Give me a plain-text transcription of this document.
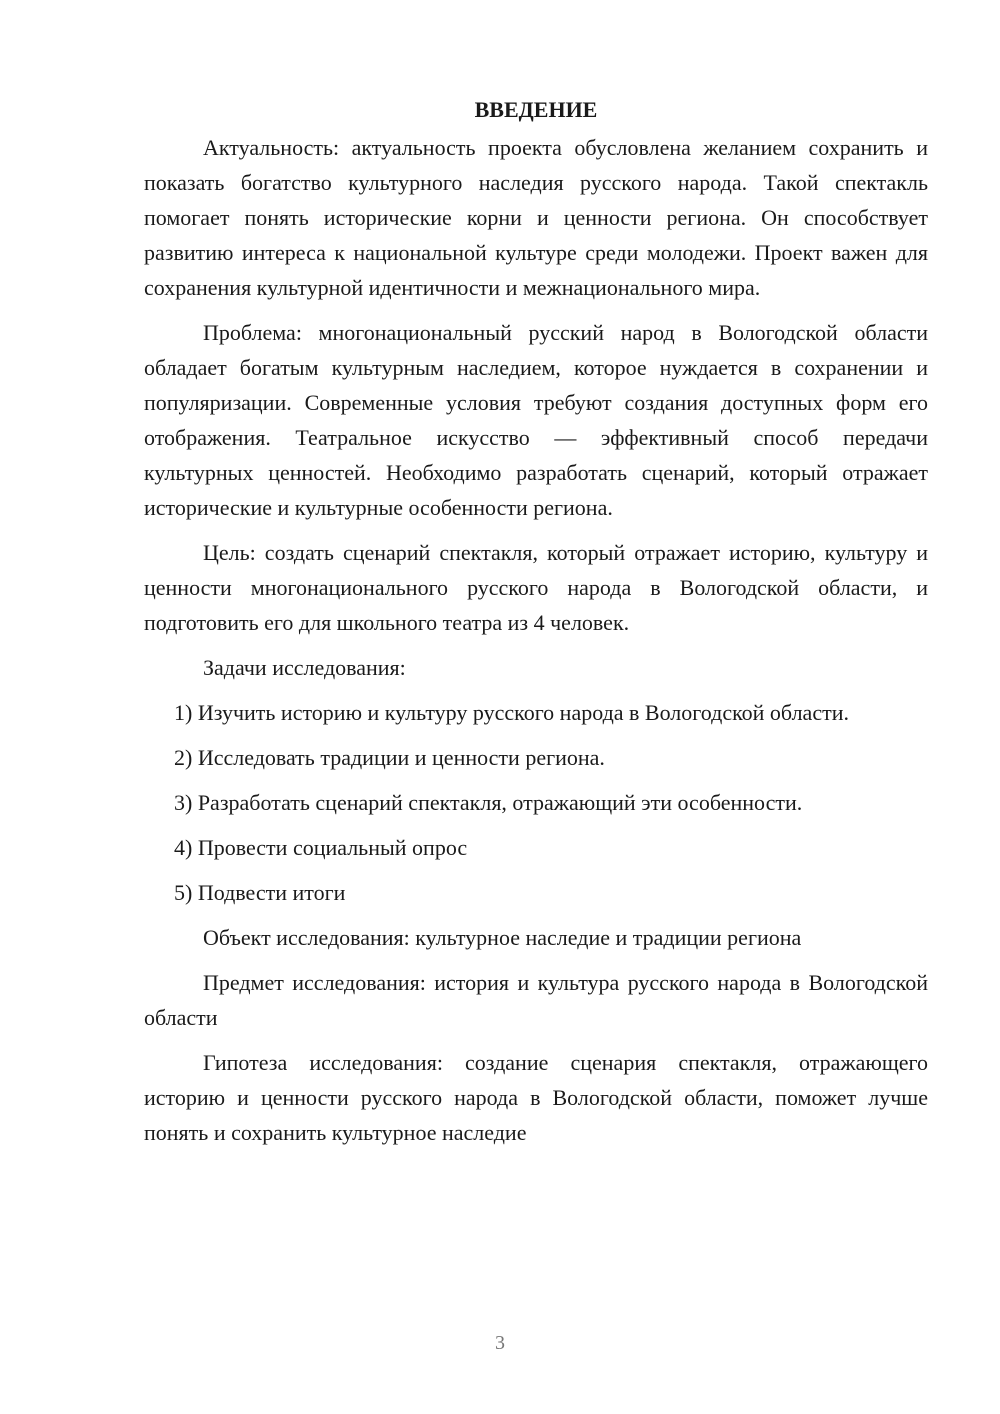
ВВЕДЕНИЕ

Актуальность: актуальность проекта обусловлена желанием сохранить и показать богатство культурного наследия русского народа. Такой спектакль помогает понять исторические корни и ценности региона. Он способствует развитию интереса к национальной культуре среди молодежи. Проект важен для сохранения культурной идентичности и межнационального мира.

Проблема: многонациональный русский народ в Вологодской области обладает богатым культурным наследием, которое нуждается в сохранении и популяризации. Современные условия требуют создания доступных форм его отображения. Театральное искусство — эффективный способ передачи культурных ценностей. Необходимо разработать сценарий, который отражает исторические и культурные особенности региона.

Цель: создать сценарий спектакля, который отражает историю, культуру и ценности многонационального русского народа в Вологодской области, и подготовить его для школьного театра из 4 человек.

Задачи исследования:

1) Изучить историю и культуру русского народа в Вологодской области.

2) Исследовать традиции и ценности региона.

3) Разработать сценарий спектакля, отражающий эти особенности.

4) Провести социальный опрос

5) Подвести итоги

Объект исследования: культурное наследие и традиции региона

Предмет исследования: история и культура русского народа в Вологодской области

Гипотеза исследования: создание сценария спектакля, отражающего историю и ценности русского народа в Вологодской области, поможет лучше понять и сохранить культурное наследие

3
